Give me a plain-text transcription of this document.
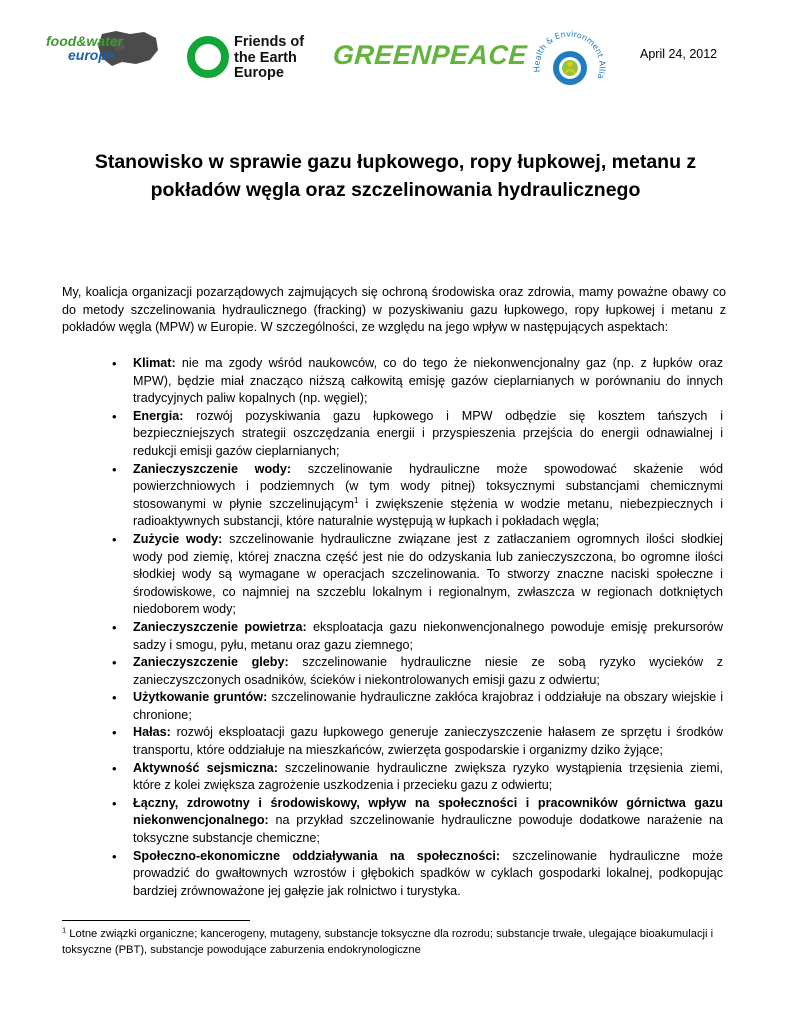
food&water
europe
Friends of
the Earth
Europe
GREENPEACE Health & Environment Allia
April 24, 2012
Stanowisko w sprawie gazu łupkowego, ropy łupkowej, metanu z pokładów węgla oraz szczelinowania hydraulicznego

My, koalicja organizacji pozarządowych zajmujących się ochroną środowiska oraz zdrowia, mamy poważne obawy co do metody szczelinowania hydraulicznego (fracking) w pozyskiwaniu gazu łupkowego, ropy łupkowej i metanu z pokładów węgla (MPW) w Europie. W szczególności, ze względu na jego wpływ w następujących aspektach:

• Klimat: nie ma zgody wśród naukowców, co do tego że niekonwencjonalny gaz (np. z łupków oraz MPW), będzie miał znacząco niższą całkowitą emisję gazów cieplarnianych w porównaniu do innych tradycyjnych paliw kopalnych (np. węgiel);
• Energia: rozwój pozyskiwania gazu łupkowego i MPW odbędzie się kosztem tańszych i bezpieczniejszych strategii oszczędzania energii i przyspieszenia przejścia do energii odnawialnej i redukcji emisji gazów cieplarnianych;
• Zanieczyszczenie wody: szczelinowanie hydrauliczne może spowodować skażenie wód powierzchniowych i podziemnych (w tym wody pitnej) toksycznymi substancjami chemicznymi stosowanymi w płynie szczelinującym$^1$ i zwiększenie stężenia w wodzie metanu, niebezpiecznych i radioaktywnych substancji, które naturalnie występują w łupkach i pokładach węgla;
• Zużycie wody: szczelinowanie hydrauliczne związane jest z zatłaczaniem ogromnych ilości słodkiej wody pod ziemię, której znaczna część jest nie do odzyskania lub zanieczyszczona, bo ogromne ilości słodkiej wody są wymagane w operacjach szczelinowania. To stworzy znaczne naciski społeczne i środowiskowe, co najmniej na szczeblu lokalnym i regionalnym, zwłaszcza w regionach dotkniętych niedoborem wody;
• Zanieczyszczenie powietrza: eksploatacja gazu niekonwencjonalnego powoduje emisję prekursorów sadzy i smogu, pyłu, metanu oraz gazu ziemnego;
• Zanieczyszczenie gleby: szczelinowanie hydrauliczne niesie ze sobą ryzyko wycieków z zanieczyszczonych osadników, ścieków i niekontrolowanych emisji gazu z odwiertu;
• Użytkowanie gruntów: szczelinowanie hydrauliczne zakłóca krajobraz i oddziałuje na obszary wiejskie i chronione;
• Hałas: rozwój eksploatacji gazu łupkowego generuje zanieczyszczenie hałasem ze sprzętu i środków transportu, które oddziałuje na mieszkańców, zwierzęta gospodarskie i organizmy dziko żyjące;
• Aktywność sejsmiczna: szczelinowanie hydrauliczne zwiększa ryzyko wystąpienia trzęsienia ziemi, które z kolei zwiększa zagrożenie uszkodzenia i przecieku gazu z odwiertu;
• Łączny, zdrowotny i środowiskowy, wpływ na społeczności i pracowników górnictwa gazu niekonwencjonalnego: na przykład szczelinowanie hydrauliczne powoduje dodatkowe narażenie na toksyczne substancje chemiczne;
• Społeczno-ekonomiczne oddziaływania na społeczności: szczelinowanie hydrauliczne może prowadzić do gwałtownych wzrostów i głębokich spadków w cyklach gospodarki lokalnej, podkopując bardziej zrównoważone jej gałęzie jak rolnictwo i turystyka.

$^1$ Lotne związki organiczne; kancerogeny, mutageny, substancje toksyczne dla rozrodu; substancje trwałe, ulegające bioakumulacji i toksyczne (PBT), substancje powodujące zaburzenia endokrynologiczne
